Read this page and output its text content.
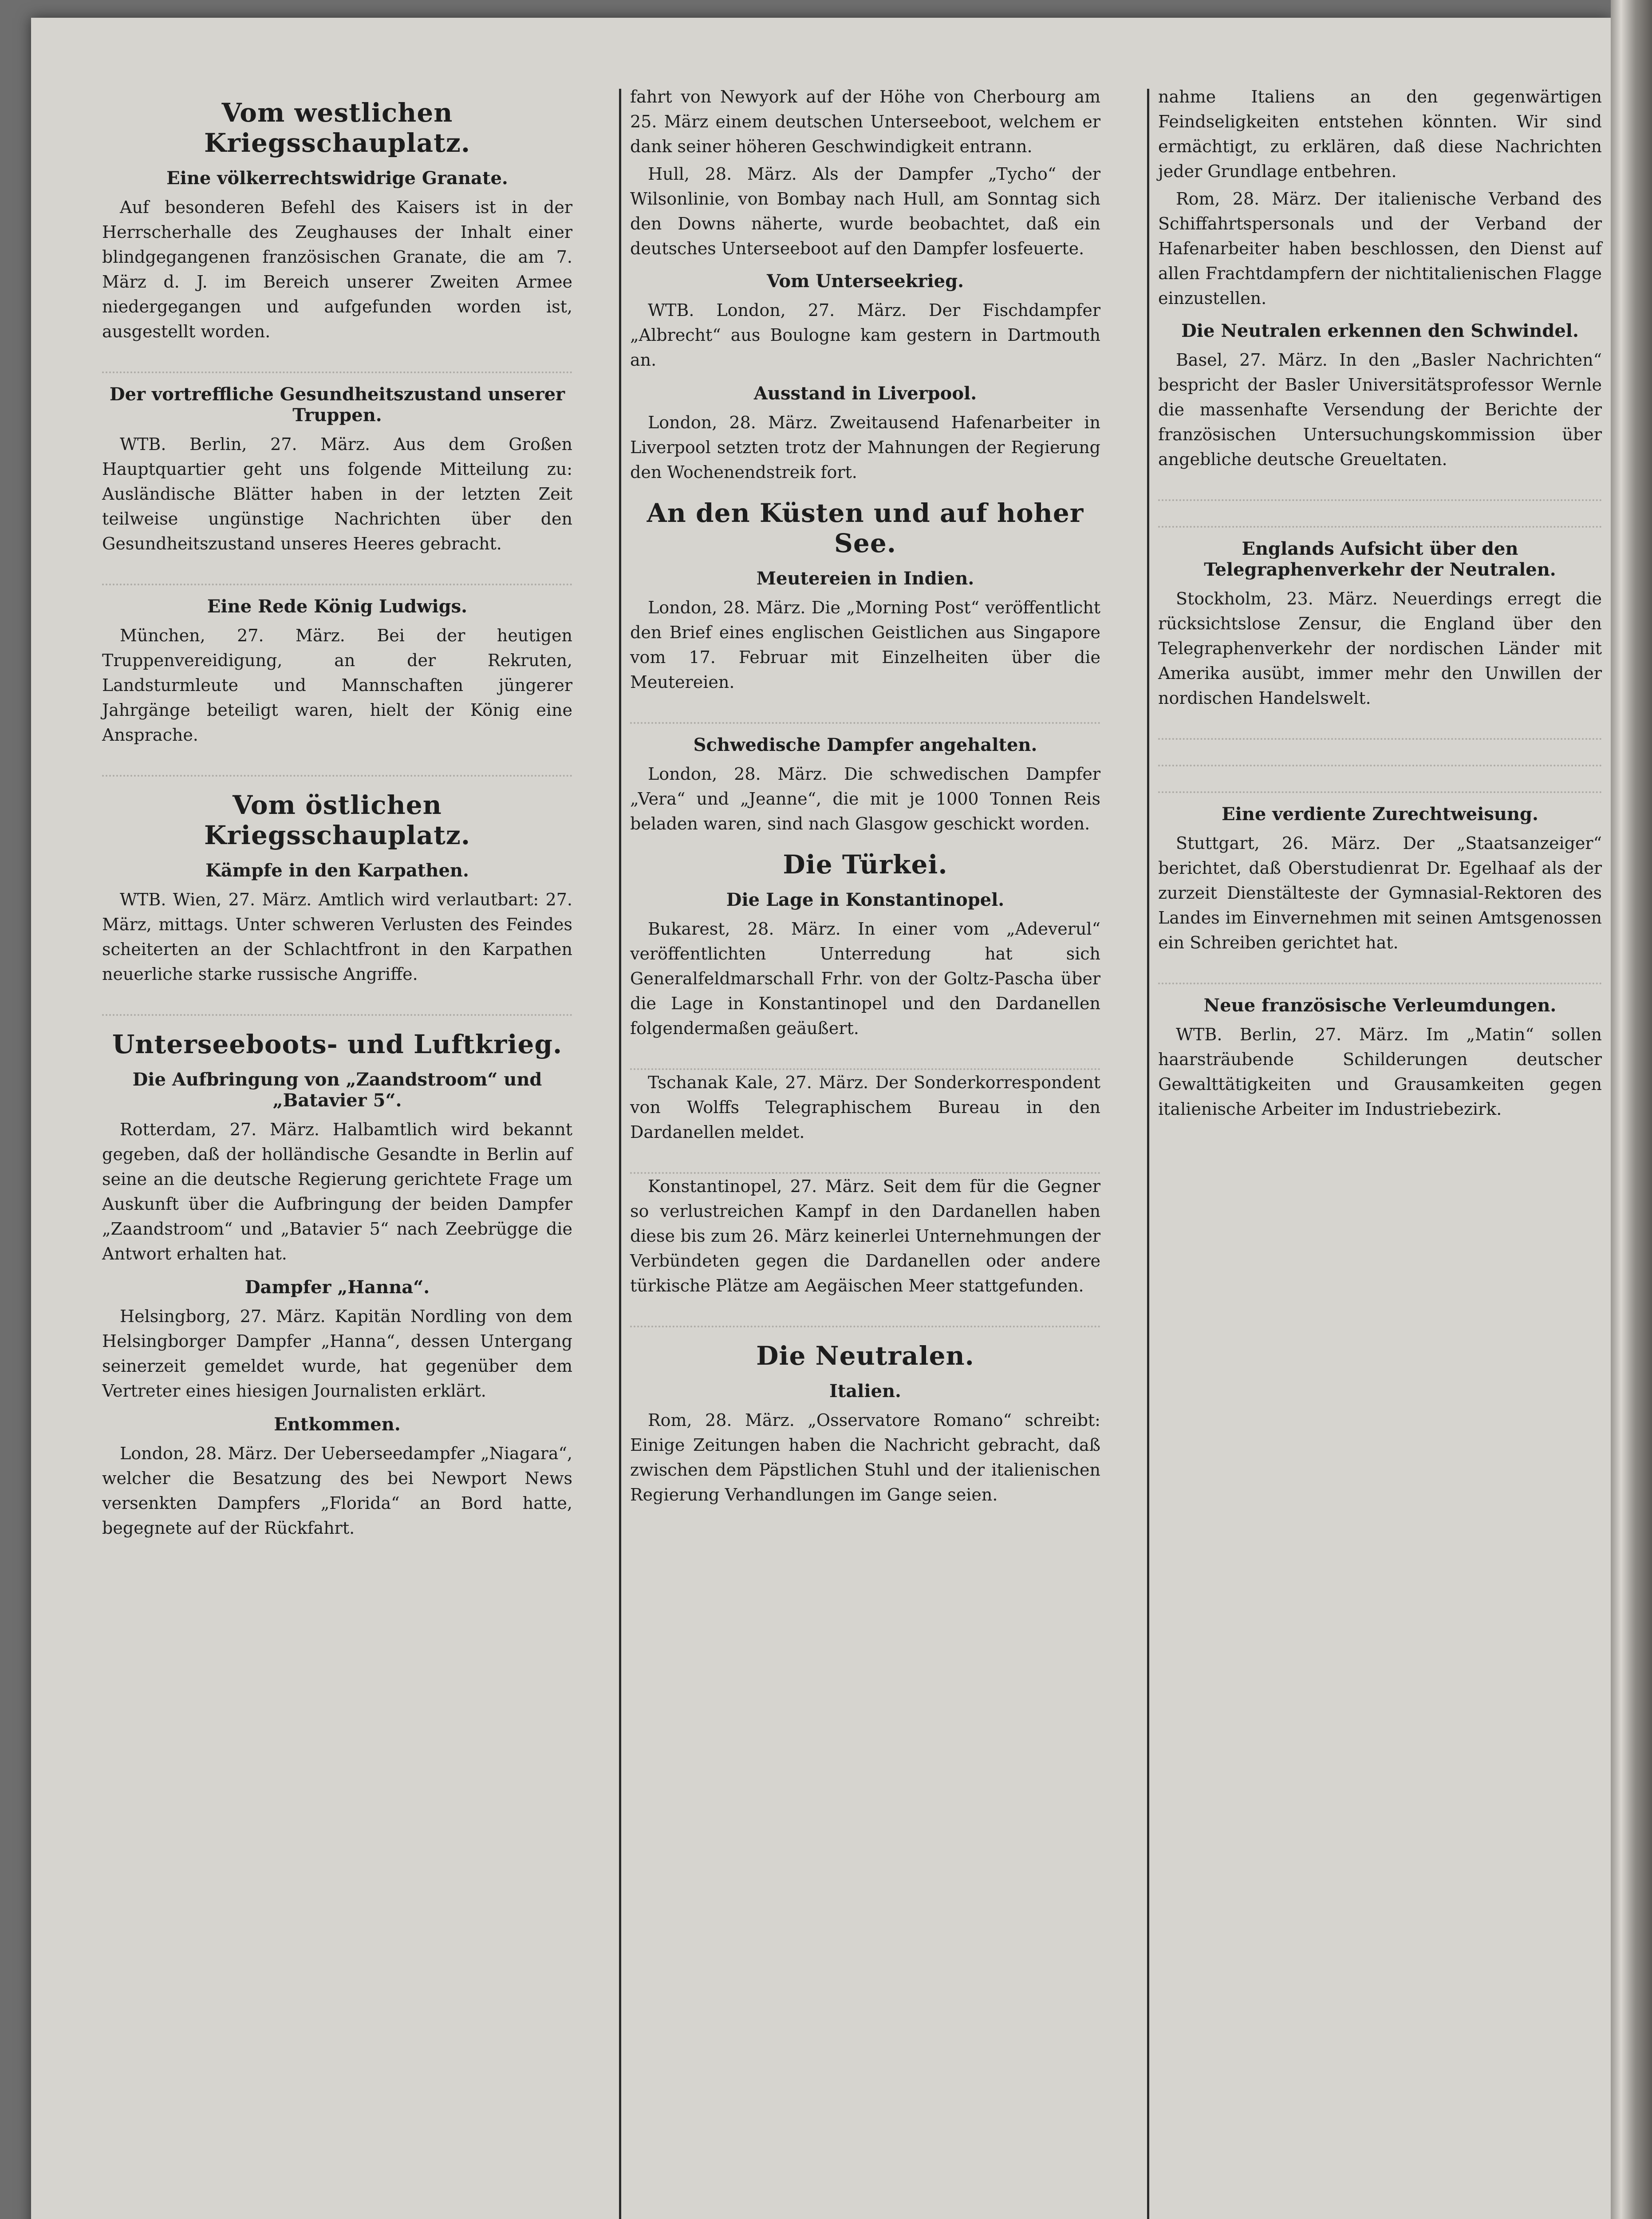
Vom westlichen Kriegsschauplatz.
Eine völkerrechtswidrige Granate.

Auf besonderen Befehl des Kaisers ist in der Herrscherhalle des Zeughauses der Inhalt einer blindgegangenen französischen Granate, die am 7. März d. J. im Bereich unserer Zweiten Armee niedergegangen und aufgefunden worden ist, ausgestellt worden.

Der vortreffliche Gesundheitszustand unserer Truppen.

WTB. Berlin, 27. März. Aus dem Großen Hauptquartier geht uns folgende Mitteilung zu: Ausländische Blätter haben in der letzten Zeit teilweise ungünstige Nachrichten über den Gesundheitszustand unseres Heeres gebracht.

Eine Rede König Ludwigs.

München, 27. März. Bei der heutigen Truppenvereidigung, an der Rekruten, Landsturmleute und Mannschaften jüngerer Jahrgänge beteiligt waren, hielt der König eine Ansprache.

Vom östlichen Kriegsschauplatz.
Kämpfe in den Karpathen.

WTB. Wien, 27. März. Amtlich wird verlautbart: 27. März, mittags. Unter schweren Verlusten des Feindes scheiterten an der Schlachtfront in den Karpathen neuerliche starke russische Angriffe.

Unterseeboots- und Luftkrieg.
Die Aufbringung von „Zaandstroom“ und „Batavier 5“.

Rotterdam, 27. März. Halbamtlich wird bekannt gegeben, daß der holländische Gesandte in Berlin auf seine an die deutsche Regierung gerichtete Frage um Auskunft über die Aufbringung der beiden Dampfer „Zaandstroom“ und „Batavier 5“ nach Zeebrügge die Antwort erhalten hat.

Dampfer „Hanna“.

Helsingborg, 27. März. Kapitän Nordling von dem Helsingborger Dampfer „Hanna“, dessen Untergang seinerzeit gemeldet wurde, hat gegenüber dem Vertreter eines hiesigen Journalisten erklärt.

Entkommen.

London, 28. März. Der Ueberseedampfer „Niagara“, welcher die Besatzung des bei Newport News versenkten Dampfers „Florida“ an Bord hatte, begegnete auf der Rückfahrt.

fahrt von Newyork auf der Höhe von Cherbourg am 25. März einem deutschen Unterseeboot, welchem er dank seiner höheren Geschwindigkeit entrann.

Hull, 28. März. Als der Dampfer „Tycho“ der Wilsonlinie, von Bombay nach Hull, am Sonntag sich den Downs näherte, wurde beobachtet, daß ein deutsches Unterseeboot auf den Dampfer losfeuerte.

Vom Unterseekrieg.

WTB. London, 27. März. Der Fischdampfer „Albrecht“ aus Boulogne kam gestern in Dartmouth an.

Ausstand in Liverpool.

London, 28. März. Zweitausend Hafenarbeiter in Liverpool setzten trotz der Mahnungen der Regierung den Wochenendstreik fort.

An den Küsten und auf hoher See.
Meutereien in Indien.

London, 28. März. Die „Morning Post“ veröffentlicht den Brief eines englischen Geistlichen aus Singapore vom 17. Februar mit Einzelheiten über die Meutereien.

Schwedische Dampfer angehalten.

London, 28. März. Die schwedischen Dampfer „Vera“ und „Jeanne“, die mit je 1000 Tonnen Reis beladen waren, sind nach Glasgow geschickt worden.

Die Türkei.
Die Lage in Konstantinopel.

Bukarest, 28. März. In einer vom „Adeverul“ veröffentlichten Unterredung hat sich Generalfeldmarschall Frhr. von der Goltz-Pascha über die Lage in Konstantinopel und den Dardanellen folgendermaßen geäußert.

Tschanak Kale, 27. März. Der Sonderkorrespondent von Wolffs Telegraphischem Bureau in den Dardanellen meldet.

Konstantinopel, 27. März. Seit dem für die Gegner so verlustreichen Kampf in den Dardanellen haben diese bis zum 26. März keinerlei Unternehmungen der Verbündeten gegen die Dardanellen oder andere türkische Plätze am Aegäischen Meer stattgefunden.

Die Neutralen.
Italien.

Rom, 28. März. „Osservatore Romano“ schreibt: Einige Zeitungen haben die Nachricht gebracht, daß zwischen dem Päpstlichen Stuhl und der italienischen Regierung Verhandlungen im Gange seien.

nahme Italiens an den gegenwärtigen Feindseligkeiten entstehen könnten. Wir sind ermächtigt, zu erklären, daß diese Nachrichten jeder Grundlage entbehren.

Rom, 28. März. Der italienische Verband des Schiffahrtspersonals und der Verband der Hafenarbeiter haben beschlossen, den Dienst auf allen Frachtdampfern der nichtitalienischen Flagge einzustellen.

Die Neutralen erkennen den Schwindel.

Basel, 27. März. In den „Basler Nachrichten“ bespricht der Basler Universitätsprofessor Wernle die massenhafte Versendung der Berichte der französischen Untersuchungskommission über angebliche deutsche Greueltaten.

Englands Aufsicht über den Telegraphenverkehr der Neutralen.

Stockholm, 23. März. Neuerdings erregt die rücksichtslose Zensur, die England über den Telegraphenverkehr der nordischen Länder mit Amerika ausübt, immer mehr den Unwillen der nordischen Handelswelt.

Eine verdiente Zurechtweisung.

Stuttgart, 26. März. Der „Staatsanzeiger“ berichtet, daß Oberstudienrat Dr. Egelhaaf als der zurzeit Dienstälteste der Gymnasial-Rektoren des Landes im Einvernehmen mit seinen Amtsgenossen ein Schreiben gerichtet hat.

Neue französische Verleumdungen.

WTB. Berlin, 27. März. Im „Matin“ sollen haarsträubende Schilderungen deutscher Gewalttätigkeiten und Grausamkeiten gegen italienische Arbeiter im Industriebezirk.
